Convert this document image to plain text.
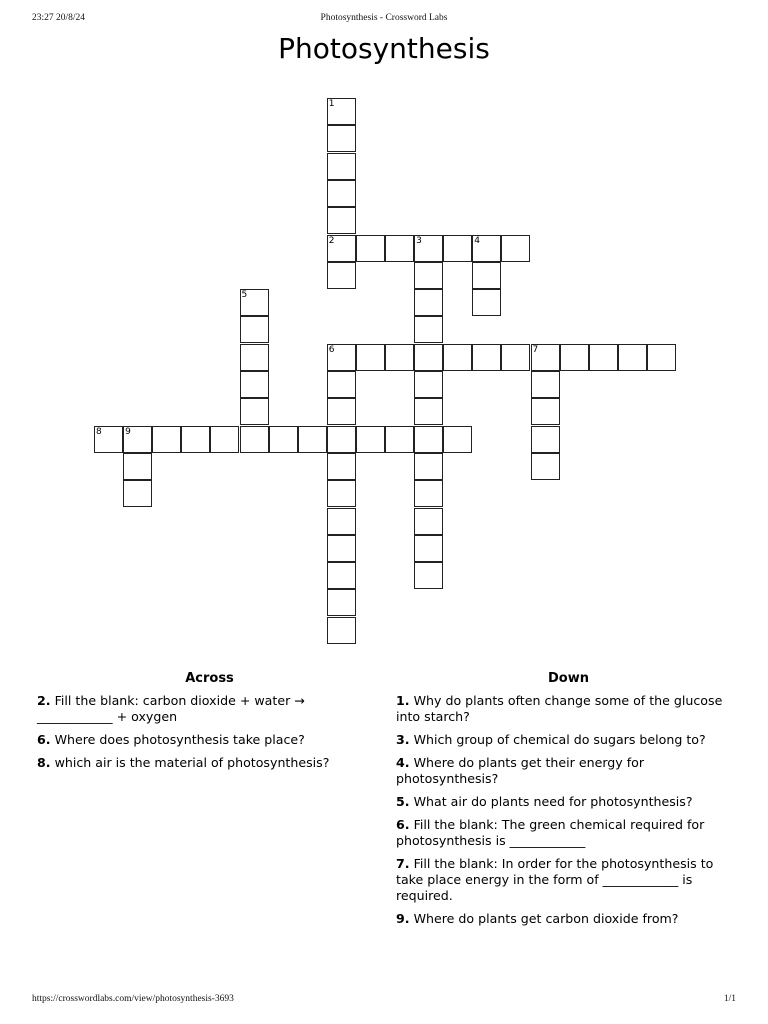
23:27 20/8/24	Photosynthesis - Crossword Labs
Photosynthesis
1
2	3	4
5
6	7
8	9
Across
2. Fill the blank: carbon dioxide + water → ____________ + oxygen
6. Where does photosynthesis take place?
8. which air is the material of photosynthesis?
Down
1. Why do plants often change some of the glucose into starch?
3. Which group of chemical do sugars belong to?
4. Where do plants get their energy for photosynthesis?
5. What air do plants need for photosynthesis?
6. Fill the blank: The green chemical required for photosynthesis is ____________
7. Fill the blank: In order for the photosynthesis to take place energy in the form of ____________ is required.
9. Where do plants get carbon dioxide from?
https://crosswordlabs.com/view/photosynthesis-3693	1/1
